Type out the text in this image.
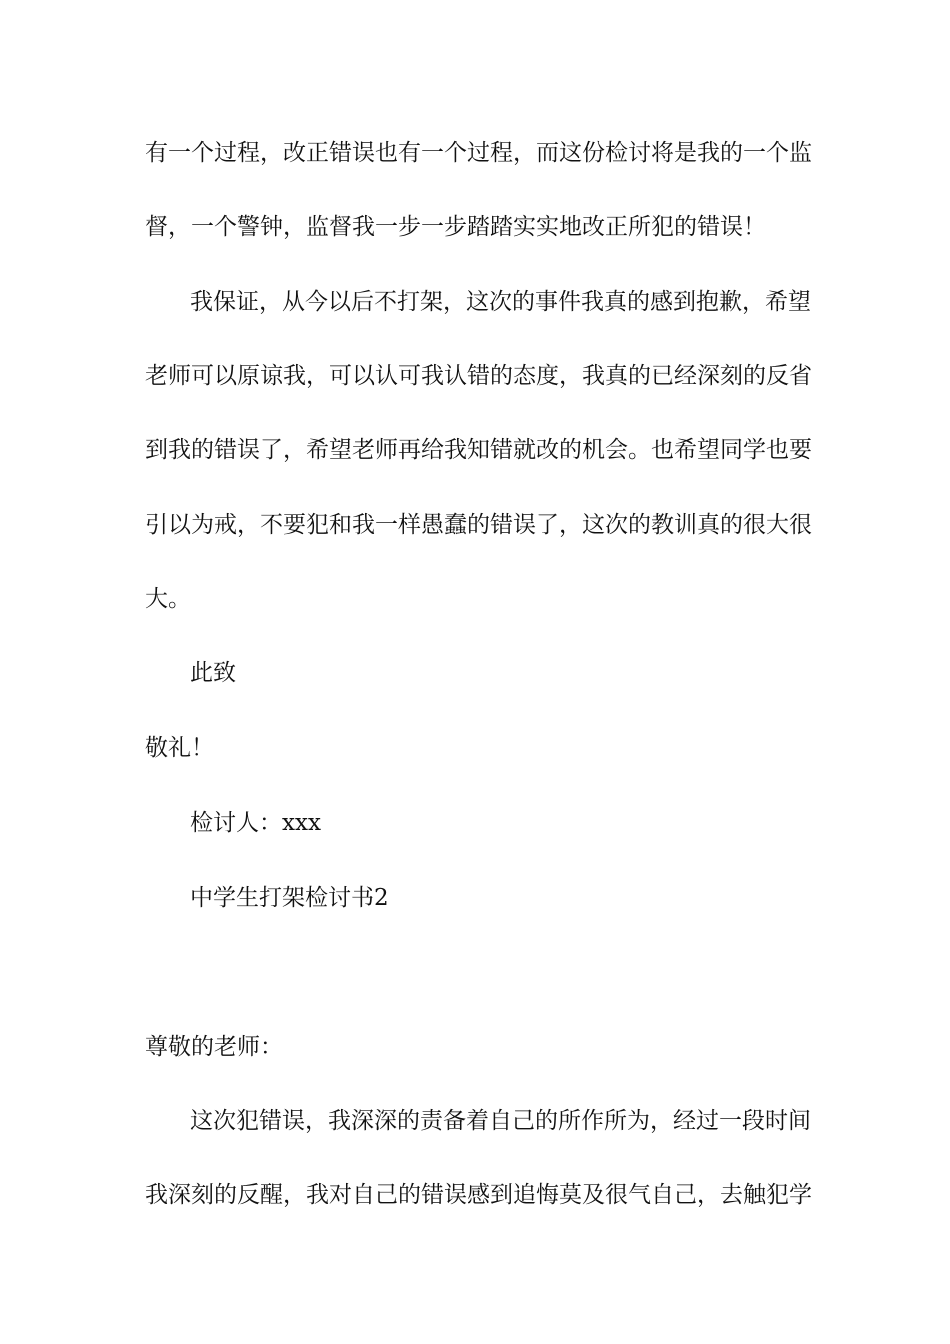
有一个过程，改正错误也有一个过程，而这份检讨将是我的一个监
督，一个警钟，监督我一步一步踏踏实实地改正所犯的错误！
我保证，从今以后不打架，这次的事件我真的感到抱歉，希望
老师可以原谅我，可以认可我认错的态度，我真的已经深刻的反省
到我的错误了，希望老师再给我知错就改的机会。也希望同学也要
引以为戒，不要犯和我一样愚蠢的错误了，这次的教训真的很大很
大。
此致
敬礼！
检讨人：xxx
中学生打架检讨书2
尊敬的老师：
这次犯错误，我深深的责备着自己的所作所为，经过一段时间
我深刻的反醒，我对自己的错误感到追悔莫及很气自己，去触犯学
